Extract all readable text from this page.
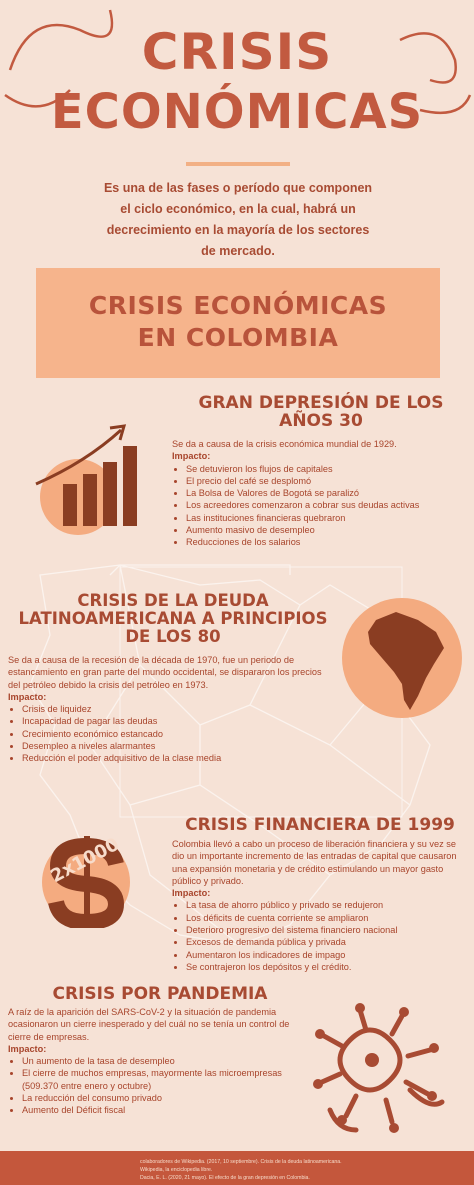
CRISIS
ECONÓMICAS
Es una de las fases o período que componen el ciclo económico, en la cual, habrá un decrecimiento en la mayoría de los sectores de mercado.
CRISIS ECONÓMICAS
EN COLOMBIA
GRAN DEPRESIÓN DE LOS AÑOS 30
Se da a causa de la crisis económica mundial de 1929.
Impacto:
• Se detuvieron los flujos de capitales
• El precio del café se desplomó
• La Bolsa de Valores de Bogotá se paralizó
• Los acreedores comenzaron a cobrar sus deudas activas
• Las instituciones financieras quebraron
• Aumento masivo de desempleo
• Reducciones de los salarios
CRISIS DE LA DEUDA LATINOAMERICANA A PRINCIPIOS DE LOS 80
Se da a causa de la recesión de la década de 1970, fue un periodo de estancamiento en gran parte del mundo occidental, se dispararon los precios del petróleo debido la crisis del petróleo en 1973.
Impacto:
• Crisis de liquidez
• Incapacidad de pagar las deudas
• Crecimiento económico estancado
• Desempleo a niveles alarmantes
• Reducción el poder adquisitivo de la clase media
CRISIS FINANCIERA DE 1999
2x1000	Colombia llevó a cabo un proceso de liberación financiera y su vez se dio un importante incremento de las entradas de capital que causaron una expansión monetaria y de crédito estimulando un mayor gasto público y privado.
Impacto:
• La tasa de ahorro público y privado se redujeron
• Los déficits de cuenta corriente se ampliaron
• Deterioro progresivo del sistema financiero nacional
• Excesos de demanda pública y privada
• Aumentaron los indicadores de impago
• Se contrajeron los depósitos y el crédito.
CRISIS POR PANDEMIA
A raíz de la aparición del SARS-CoV-2 y la situación de pandemia ocasionaron un cierre inesperado y del cuál no se tenía un control de cierre de empresas.
Impacto:
• Un aumento de la tasa de desempleo
• El cierre de muchos empresas, mayormente las microempresas (509.370 entre enero y octubre)
• La reducción del consumo privado
• Aumento del Déficit fiscal
colaboradores de Wikipedia. (2017, 10 septiembre). Crisis de la deuda latinoamericana. Wikipedia, la enciclopedia libre.
Dacia, E. L. (2020, 21 mayo). El efecto de la gran depresión en Colombia.
